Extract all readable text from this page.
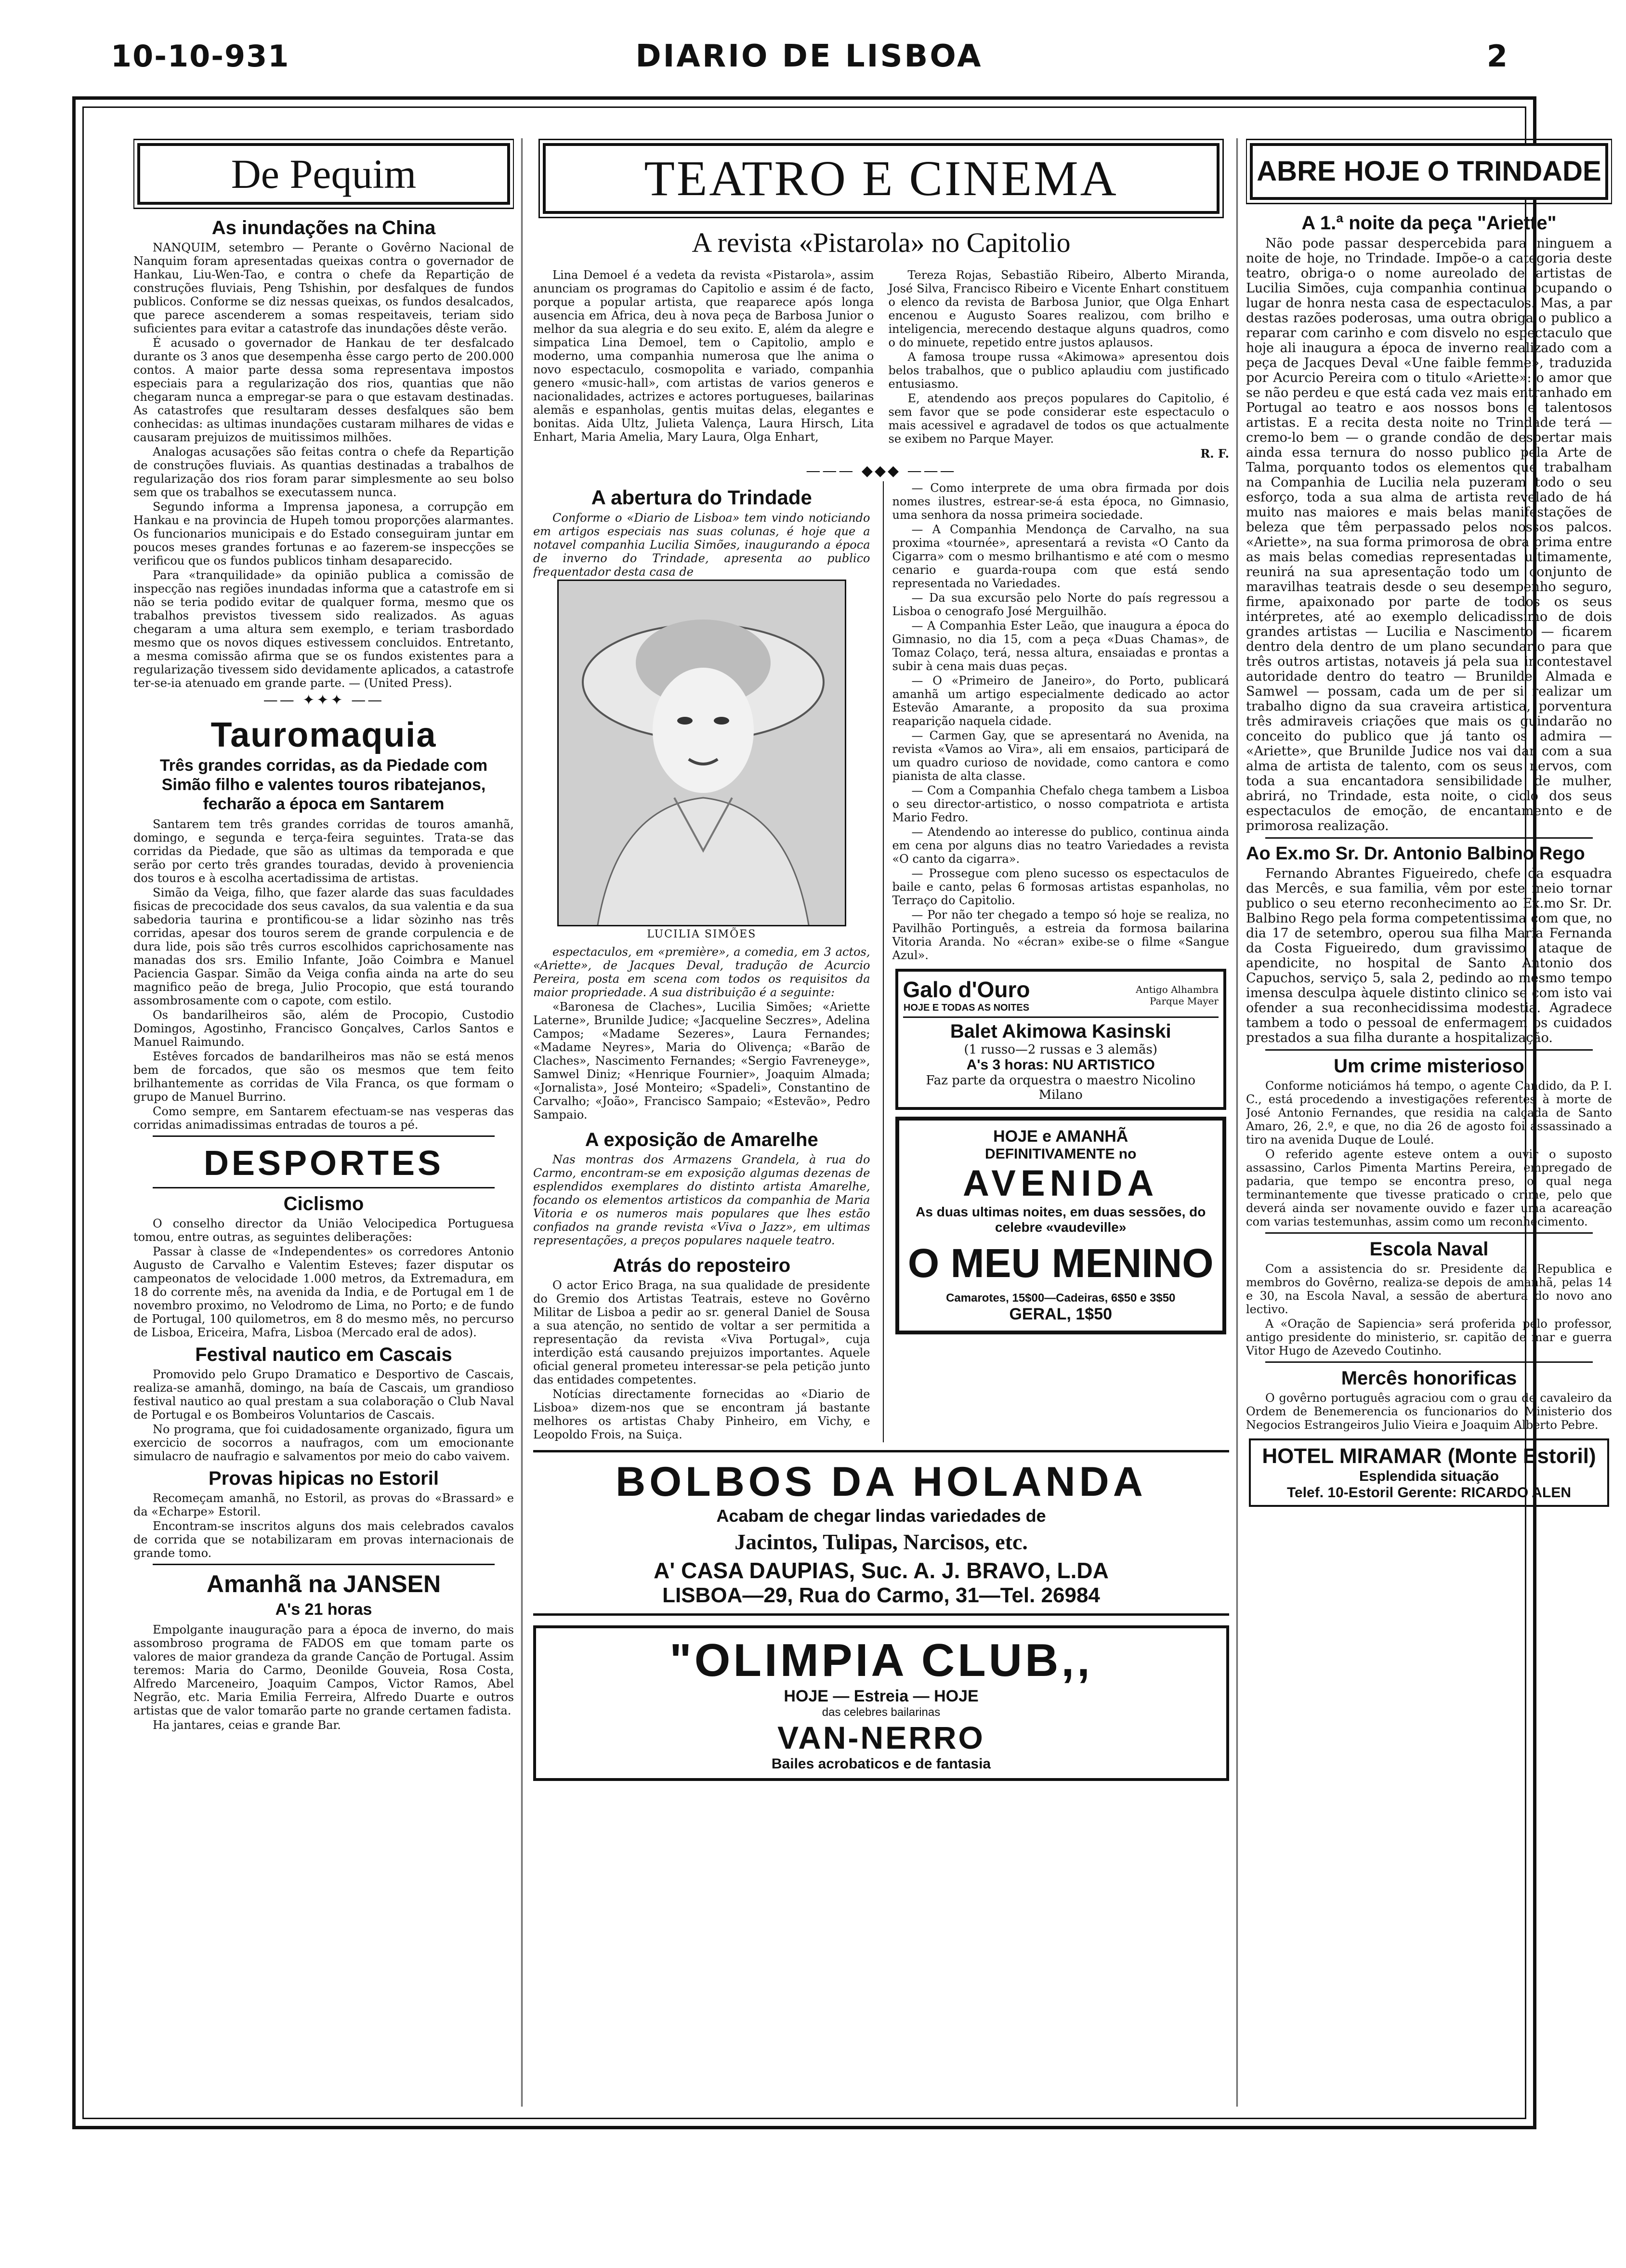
10-10-931	DIARIO DE LISBOA	2
De Pequim
As inundações na China

NANQUIM, setembro — Perante o Govêrno Nacional de Nanquim foram apresentadas queixas contra o governador de Hankau, Liu-Wen-Tao, e contra o chefe da Repartição de construções fluviais, Peng Tshishin, por desfalques de fundos publicos. Conforme se diz nessas queixas, os fundos desalcados, que parece ascenderem a somas respeitaveis, teriam sido suficientes para evitar a catastrofe das inundações dêste verão.

É acusado o governador de Hankau de ter desfalcado durante os 3 anos que desempenha êsse cargo perto de 200.000 contos. A maior parte dessa soma representava impostos especiais para a regularização dos rios, quantias que não chegaram nunca a empregar-se para o que estavam destinadas. As catastrofes que resultaram desses desfalques são bem conhecidas: as ultimas inundações custaram milhares de vidas e causaram prejuizos de muitissimos milhões.

Analogas acusações são feitas contra o chefe da Repartição de construções fluviais. As quantias destinadas a trabalhos de regularização dos rios foram parar simplesmente ao seu bolso sem que os trabalhos se executassem nunca.

Segundo informa a Imprensa japonesa, a corrupção em Hankau e na provincia de Hupeh tomou proporções alarmantes. Os funcionarios municipais e do Estado conseguiram juntar em poucos meses grandes fortunas e ao fazerem-se inspecções se verificou que os fundos publicos tinham desaparecido.

Para «tranquilidade» da opinião publica a comissão de inspecção nas regiões inundadas informa que a catastrofe em si não se teria podido evitar de qualquer forma, mesmo que os trabalhos previstos tivessem sido realizados. As aguas chegaram a uma altura sem exemplo, e teriam trasbordado mesmo que os novos diques estivessem concluidos. Entretanto, a mesma comissão afirma que se os fundos existentes para a regularização tivessem sido devidamente aplicados, a catastrofe ter-se-ia atenuado em grande parte. — (United Press).

—— ✦✦✦ ——
Tauromaquia
Três grandes corridas, as da Piedade com Simão filho e valentes touros ribatejanos, fecharão a época em Santarem

Santarem tem três grandes corridas de touros amanhã, domingo, e segunda e terça-feira seguintes. Trata-se das corridas da Piedade, que são as ultimas da temporada e que serão por certo três grandes touradas, devido à proveniencia dos touros e à escolha acertadissima de artistas.

Simão da Veiga, filho, que fazer alarde das suas faculdades fisicas de precocidade dos seus cavalos, da sua valentia e da sua sabedoria taurina e prontificou-se a lidar sòzinho nas três corridas, apesar dos touros serem de grande corpulencia e de dura lide, pois são três curros escolhidos caprichosamente nas manadas dos srs. Emilio Infante, João Coimbra e Manuel Paciencia Gaspar. Simão da Veiga confia ainda na arte do seu magnifico peão de brega, Julio Procopio, que está tourando assombrosamente com o capote, com estilo.

Os bandarilheiros são, além de Procopio, Custodio Domingos, Agostinho, Francisco Gonçalves, Carlos Santos e Manuel Raimundo.

Estêves forcados de bandarilheiros mas não se está menos bem de forcados, que são os mesmos que tem feito brilhantemente as corridas de Vila Franca, os que formam o grupo de Manuel Burrino.

Como sempre, em Santarem efectuam-se nas vesperas das corridas animadissimas entradas de touros a pé.

DESPORTES
Ciclismo

O conselho director da União Velocipedica Portuguesa tomou, entre outras, as seguintes deliberações:

Passar à classe de «Independentes» os corredores Antonio Augusto de Carvalho e Valentim Esteves; fazer disputar os campeonatos de velocidade 1.000 metros, da Extremadura, em 18 do corrente mês, na avenida da India, e de Portugal em 1 de novembro proximo, no Velodromo de Lima, no Porto; e de fundo de Portugal, 100 quilometros, em 8 do mesmo mês, no percurso de Lisboa, Ericeira, Mafra, Lisboa (Mercado eral de ados).

Festival nautico em Cascais

Promovido pelo Grupo Dramatico e Desportivo de Cascais, realiza-se amanhã, domingo, na baía de Cascais, um grandioso festival nautico ao qual prestam a sua colaboração o Club Naval de Portugal e os Bombeiros Voluntarios de Cascais.

No programa, que foi cuidadosamente organizado, figura um exercicio de socorros a naufragos, com um emocionante simulacro de naufragio e salvamentos por meio do cabo vaivem.

Provas hipicas no Estoril

Recomeçam amanhã, no Estoril, as provas do «Brassard» e da «Echarpe» Estoril.

Encontram-se inscritos alguns dos mais celebrados cavalos de corrida que se notabilizaram em provas internacionais de grande tomo.

Amanhã na JANSEN
A's 21 horas

Empolgante inauguração para a época de inverno, do mais assombroso programa de FADOS em que tomam parte os valores de maior grandeza da grande Canção de Portugal. Assim teremos: Maria do Carmo, Deonilde Gouveia, Rosa Costa, Alfredo Marceneiro, Joaquim Campos, Victor Ramos, Abel Negrão, etc. Maria Emilia Ferreira, Alfredo Duarte e outros artistas que de valor tomarão parte no grande certamen fadista.

Ha jantares, ceias e grande Bar.

TEATRO E CINEMA
A revista «Pistarola» no Capitolio

Lina Demoel é a vedeta da revista «Pistarola», assim anunciam os programas do Capitolio e assim é de facto, porque a popular artista, que reaparece após longa ausencia em Africa, deu à nova peça de Barbosa Junior o melhor da sua alegria e do seu exito. E, além da alegre e simpatica Lina Demoel, tem o Capitolio, amplo e moderno, uma companhia numerosa que lhe anima o novo espectaculo, cosmopolita e variado, companhia genero «music-hall», com artistas de varios generos e nacionalidades, actrizes e actores portugueses, bailarinas alemãs e espanholas, gentis muitas delas, elegantes e bonitas. Aida Ultz, Julieta Valença, Laura Hirsch, Lita Enhart, Maria Amelia, Mary Laura, Olga Enhart,

Tereza Rojas, Sebastião Ribeiro, Alberto Miranda, José Silva, Francisco Ribeiro e Vicente Enhart constituem o elenco da revista de Barbosa Junior, que Olga Enhart encenou e Augusto Soares realizou, com brilho e inteligencia, merecendo destaque alguns quadros, como o do minuete, repetido entre justos aplausos.

A famosa troupe russa «Akimowa» apresentou dois belos trabalhos, que o publico aplaudiu com justificado entusiasmo.

E, atendendo aos preços populares do Capitolio, é sem favor que se pode considerar este espectaculo o mais acessivel e agradavel de todos os que actualmente se exibem no Parque Mayer.

R. F.
——— ◆◆◆ ———
A abertura do Trindade

Conforme o «Diario de Lisboa» tem vindo noticiando em artigos especiais nas suas colunas, é hoje que a notavel companhia Lucilia Simões, inaugurando a época de inverno do Trindade, apresenta ao publico frequentador desta casa de

LUCILIA SIMÕES

espectaculos, em «première», a comedia, em 3 actos, «Ariette», de Jacques Deval, tradução de Acurcio Pereira, posta em scena com todos os requisitos da maior propriedade. A sua distribuição é a seguinte:

«Baronesa de Claches», Lucilia Simões; «Ariette Laterne», Brunilde Judice; «Jacqueline Seczres», Adelina Campos; «Madame Sezeres», Laura Fernandes; «Madame Neyres», Maria do Olivença; «Barão de Claches», Nascimento Fernandes; «Sergio Favreneyge», Samwel Diniz; «Henrique Fournier», Joaquim Almada; «Jornalista», José Monteiro; «Spadeli», Constantino de Carvalho; «João», Francisco Sampaio; «Estevão», Pedro Sampaio.

A exposição de Amarelhe

Nas montras dos Armazens Grandela, à rua do Carmo, encontram-se em exposição algumas dezenas de esplendidos exemplares do distinto artista Amarelhe, focando os elementos artisticos da companhia de Maria Vitoria e os numeros mais populares que lhes estão confiados na grande revista «Viva o Jazz», em ultimas representações, a preços populares naquele teatro.

Atrás do reposteiro

O actor Erico Braga, na sua qualidade de presidente do Gremio dos Artistas Teatrais, esteve no Govêrno Militar de Lisboa a pedir ao sr. general Daniel de Sousa a sua atenção, no sentido de voltar a ser permitida a representação da revista «Viva Portugal», cuja interdição está causando prejuizos importantes. Aquele oficial general prometeu interessar-se pela petição junto das entidades competentes.

Notícias directamente fornecidas ao «Diario de Lisboa» dizem-nos que se encontram já bastante melhores os artistas Chaby Pinheiro, em Vichy, e Leopoldo Frois, na Suiça.

— Como interprete de uma obra firmada por dois nomes ilustres, estrear-se-á esta época, no Gimnasio, uma senhora da nossa primeira sociedade.

— A Companhia Mendonça de Carvalho, na sua proxima «tournée», apresentará a revista «O Canto da Cigarra» com o mesmo brilhantismo e até com o mesmo cenario e guarda-roupa com que está sendo representada no Variedades.

— Da sua excursão pelo Norte do país regressou a Lisboa o cenografo José Merguilhão.

— A Companhia Ester Leão, que inaugura a época do Gimnasio, no dia 15, com a peça «Duas Chamas», de Tomaz Colaço, terá, nessa altura, ensaiadas e prontas a subir à cena mais duas peças.

— O «Primeiro de Janeiro», do Porto, publicará amanhã um artigo especialmente dedicado ao actor Estevão Amarante, a proposito da sua proxima reaparição naquela cidade.

— Carmen Gay, que se apresentará no Avenida, na revista «Vamos ao Vira», ali em ensaios, participará de um quadro curioso de novidade, como cantora e como pianista de alta classe.

— Com a Companhia Chefalo chega tambem a Lisboa o seu director-artistico, o nosso compatriota e artista Mario Fedro.

— Atendendo ao interesse do publico, continua ainda em cena por alguns dias no teatro Variedades a revista «O canto da cigarra».

— Prossegue com pleno sucesso os espectaculos de baile e canto, pelas 6 formosas artistas espanholas, no Terraço do Capitolio.

— Por não ter chegado a tempo só hoje se realiza, no Pavilhão Portinguês, a estreia da formosa bailarina Vitoria Aranda. No «écran» exibe-se o filme «Sangue Azul».

Galo d'Ouro
HOJE E TODAS AS NOITES
Antigo Alhambra
Parque Mayer
Balet Akimowa Kasinski
(1 russo—2 russas e 3 alemãs)
A's 3 horas: NU ARTISTICO
Faz parte da orquestra o maestro Nicolino Milano
HOJE e AMANHÃ
DEFINITIVAMENTE no
AVENIDA
As duas ultimas noites, em duas sessões, do celebre «vaudeville»
O MEU MENINO
Camarotes, 15$00—Cadeiras, 6$50 e 3$50
GERAL, 1$50
BOLBOS DA HOLANDA
Acabam de chegar lindas variedades de
Jacintos, Tulipas, Narcisos, etc.
A' CASA DAUPIAS, Suc. A. J. BRAVO, L.DA
LISBOA—29, Rua do Carmo, 31—Tel. 26984
"OLIMPIA CLUB,,
HOJE — Estreia — HOJE
das celebres bailarinas
VAN-NERRO
Bailes acrobaticos e de fantasia
ABRE HOJE O TRINDADE
A 1.ª noite da peça "Ariette"

Não pode passar despercebida para ninguem a noite de hoje, no Trindade. Impõe-o a categoria deste teatro, obriga-o o nome aureolado de artistas de Lucilia Simões, cuja companhia continua ocupando o lugar de honra nesta casa de espectaculos. Mas, a par destas razões poderosas, uma outra obriga o publico a reparar com carinho e com disvelo no espectaculo que hoje ali inaugura a época de inverno realizado com a peça de Jacques Deval «Une faible femme», traduzida por Acurcio Pereira com o titulo «Ariette»: o amor que se não perdeu e que está cada vez mais entranhado em Portugal ao teatro e aos nossos bons e talentosos artistas. E a recita desta noite no Trindade terá — cremo-lo bem — o grande condão de despertar mais ainda essa ternura do nosso publico pela Arte de Talma, porquanto todos os elementos que trabalham na Companhia de Lucilia nela puzeram todo o seu esforço, toda a sua alma de artista revelado de há muito nas maiores e mais belas manifestações de beleza que têm perpassado pelos nossos palcos. «Ariette», na sua forma primorosa de obra prima entre as mais belas comedias representadas ultimamente, reunirá na sua apresentação todo um conjunto de maravilhas teatrais desde o seu desempenho seguro, firme, apaixonado por parte de todos os seus intérpretes, até ao exemplo delicadissimo de dois grandes artistas — Lucilia e Nascimento — ficarem dentro dela dentro de um plano secundario para que três outros artistas, notaveis já pela sua incontestavel autoridade dentro do teatro — Brunilde, Almada e Samwel — possam, cada um de per si realizar um trabalho digno da sua craveira artistica, porventura três admiraveis criações que mais os guindarão no conceito do publico que já tanto os admira — «Ariette», que Brunilde Judice nos vai dar com a sua alma de artista de talento, com os seus nervos, com toda a sua encantadora sensibilidade de mulher, abrirá, no Trindade, esta noite, o ciclo dos seus espectaculos de emoção, de encantamento e de primorosa realização.

Ao Ex.mo Sr. Dr. Antonio Balbino Rego

Fernando Abrantes Figueiredo, chefe da esquadra das Mercês, e sua familia, vêm por este meio tornar publico o seu eterno reconhecimento ao Ex.mo Sr. Dr. Balbino Rego pela forma competentissima com que, no dia 17 de setembro, operou sua filha Maria Fernanda da Costa Figueiredo, dum gravissimo ataque de apendicite, no hospital de Santo Antonio dos Capuchos, serviço 5, sala 2, pedindo ao mesmo tempo imensa desculpa àquele distinto clinico se com isto vai ofender a sua reconhecidissima modestia. Agradece tambem a todo o pessoal de enfermagem os cuidados prestados a sua filha durante a hospitalização.

Um crime misterioso

Conforme noticiámos há tempo, o agente Candido, da P. I. C., está procedendo a investigações referentes à morte de José Antonio Fernandes, que residia na calçada de Santo Amaro, 26, 2.º, e que, no dia 26 de agosto foi assassinado a tiro na avenida Duque de Loulé.

O referido agente esteve ontem a ouvir o suposto assassino, Carlos Pimenta Martins Pereira, empregado de padaria, que tempo se encontra preso, o qual nega terminantemente que tivesse praticado o crime, pelo que deverá ainda ser novamente ouvido e fazer uma acareação com varias testemunhas, assim como um reconhecimento.

Escola Naval

Com a assistencia do sr. Presidente da Republica e membros do Govêrno, realiza-se depois de amanhã, pelas 14 e 30, na Escola Naval, a sessão de abertura do novo ano lectivo.

A «Oração de Sapiencia» será proferida pelo professor, antigo presidente do ministerio, sr. capitão de mar e guerra Vitor Hugo de Azevedo Coutinho.

Mercês honorificas

O govêrno português agraciou com o grau de cavaleiro da Ordem de Benemerencia os funcionarios do Ministerio dos Negocios Estrangeiros Julio Vieira e Joaquim Alberto Pebre.

HOTEL MIRAMAR (Monte Estoril)
Esplendida situação
Telef. 10-Estoril Gerente: RICARDO ALEN
